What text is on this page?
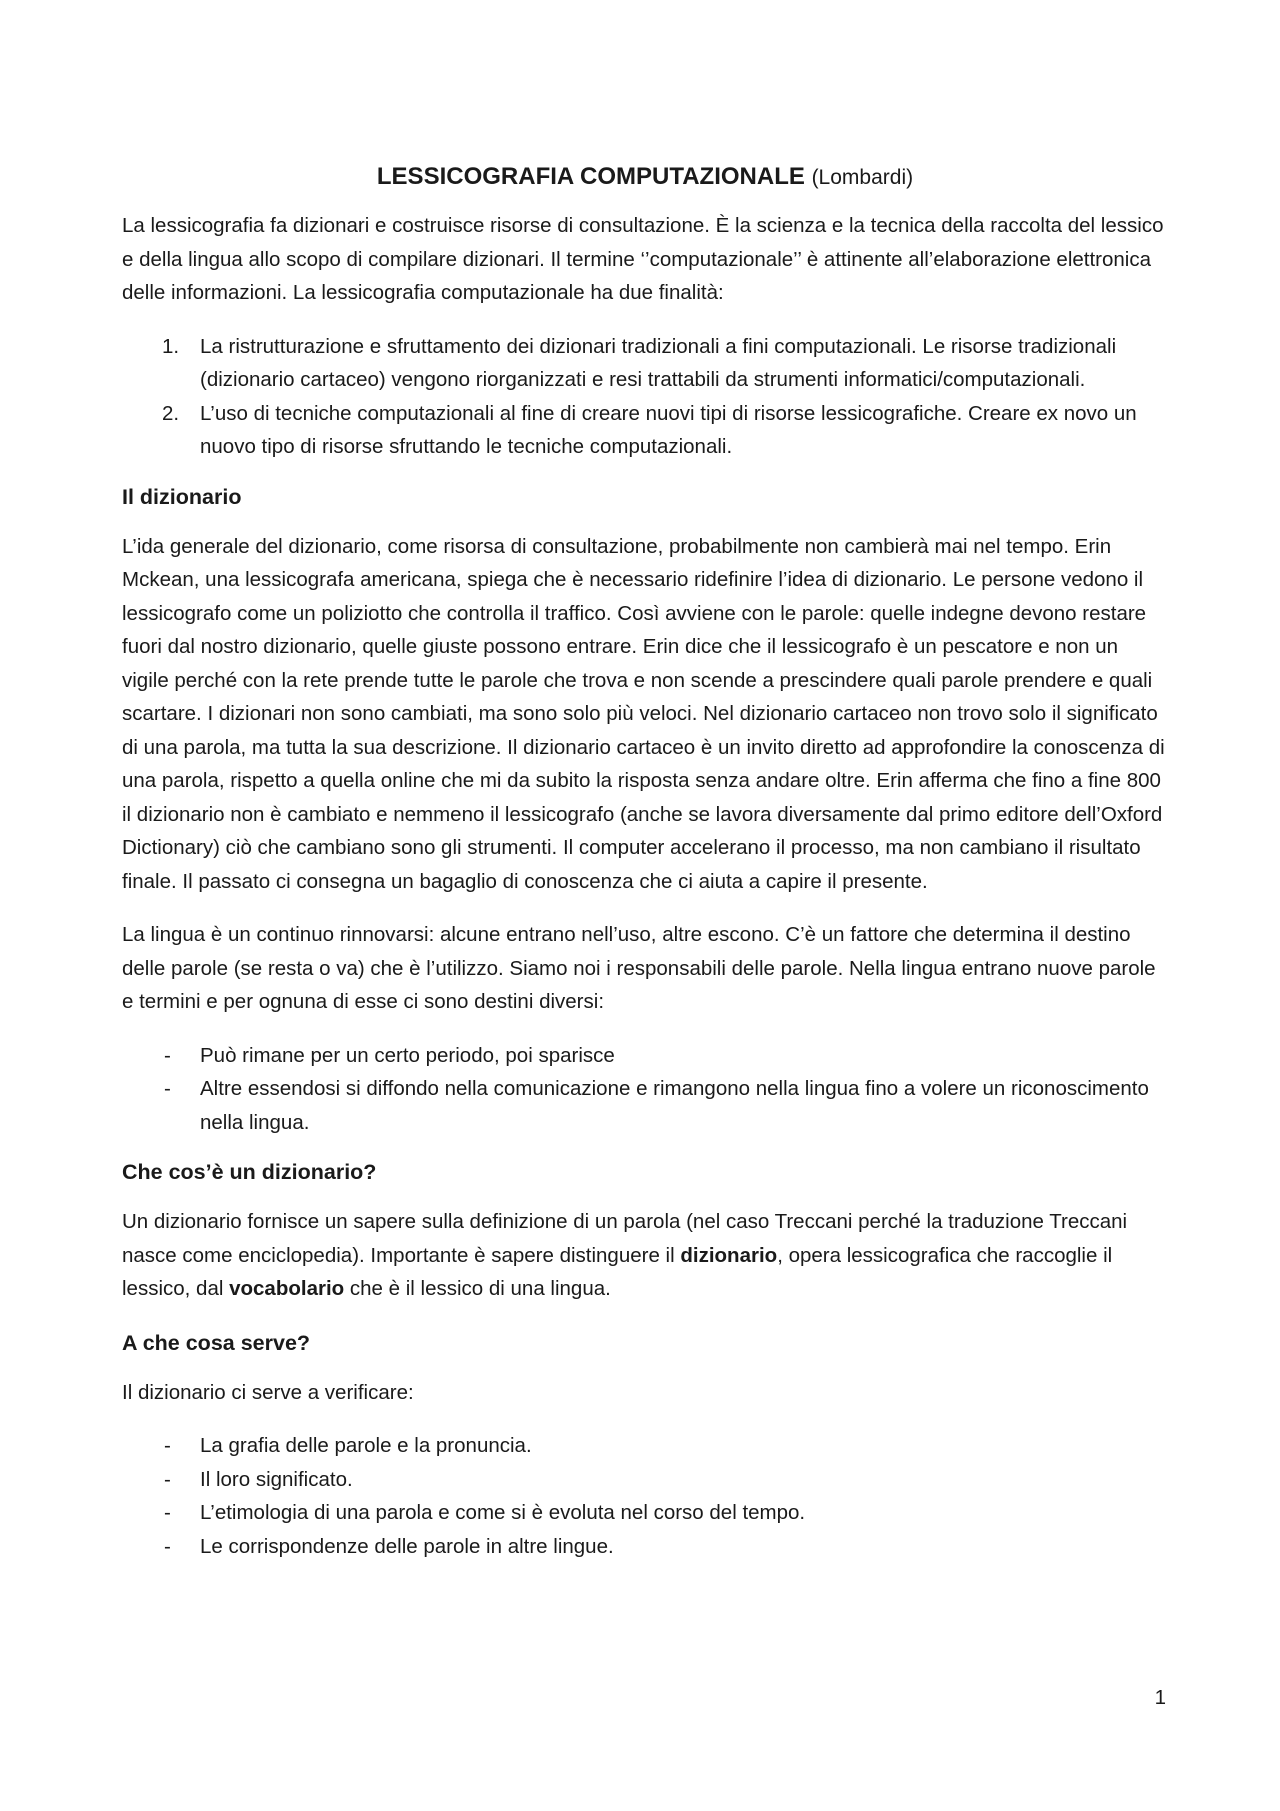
LESSICOGRAFIA COMPUTAZIONALE (Lombardi)

La lessicografia fa dizionari e costruisce risorse di consultazione. È la scienza e la tecnica della raccolta del lessico e della lingua allo scopo di compilare dizionari. Il termine ‘’computazionale’’ è attinente all’elaborazione elettronica delle informazioni. La lessicografia computazionale ha due finalità:

1. La ristrutturazione e sfruttamento dei dizionari tradizionali a fini computazionali. Le risorse tradizionali (dizionario cartaceo) vengono riorganizzati e resi trattabili da strumenti informatici/computazionali.
2. L’uso di tecniche computazionali al fine di creare nuovi tipi di risorse lessicografiche. Creare ex novo un nuovo tipo di risorse sfruttando le tecniche computazionali.
Il dizionario

L’ida generale del dizionario, come risorsa di consultazione, probabilmente non cambierà mai nel tempo. Erin Mckean, una lessicografa americana, spiega che è necessario ridefinire l’idea di dizionario. Le persone vedono il lessicografo come un poliziotto che controlla il traffico. Così avviene con le parole: quelle indegne devono restare fuori dal nostro dizionario, quelle giuste possono entrare. Erin dice che il lessicografo è un pescatore e non un vigile perché con la rete prende tutte le parole che trova e non scende a prescindere quali parole prendere e quali scartare. I dizionari non sono cambiati, ma sono solo più veloci. Nel dizionario cartaceo non trovo solo il significato di una parola, ma tutta la sua descrizione. Il dizionario cartaceo è un invito diretto ad approfondire la conoscenza di una parola, rispetto a quella online che mi da subito la risposta senza andare oltre. Erin afferma che fino a fine 800 il dizionario non è cambiato e nemmeno il lessicografo (anche se lavora diversamente dal primo editore dell’Oxford Dictionary) ciò che cambiano sono gli strumenti. Il computer accelerano il processo, ma non cambiano il risultato finale. Il passato ci consegna un bagaglio di conoscenza che ci aiuta a capire il presente.

La lingua è un continuo rinnovarsi: alcune entrano nell’uso, altre escono. C’è un fattore che determina il destino delle parole (se resta o va) che è l’utilizzo. Siamo noi i responsabili delle parole. Nella lingua entrano nuove parole e termini e per ognuna di esse ci sono destini diversi:

- Può rimane per un certo periodo, poi sparisce
- Altre essendosi si diffondo nella comunicazione e rimangono nella lingua fino a volere un riconoscimento nella lingua.
Che cos’è un dizionario?

Un dizionario fornisce un sapere sulla definizione di un parola (nel caso Treccani perché la traduzione Treccani nasce come enciclopedia). Importante è sapere distinguere il dizionario, opera lessicografica che raccoglie il lessico, dal vocabolario che è il lessico di una lingua.

A che cosa serve?

Il dizionario ci serve a verificare:

- La grafia delle parole e la pronuncia.
- Il loro significato.
- L’etimologia di una parola e come si è evoluta nel corso del tempo.
- Le corrispondenze delle parole in altre lingue.
1
